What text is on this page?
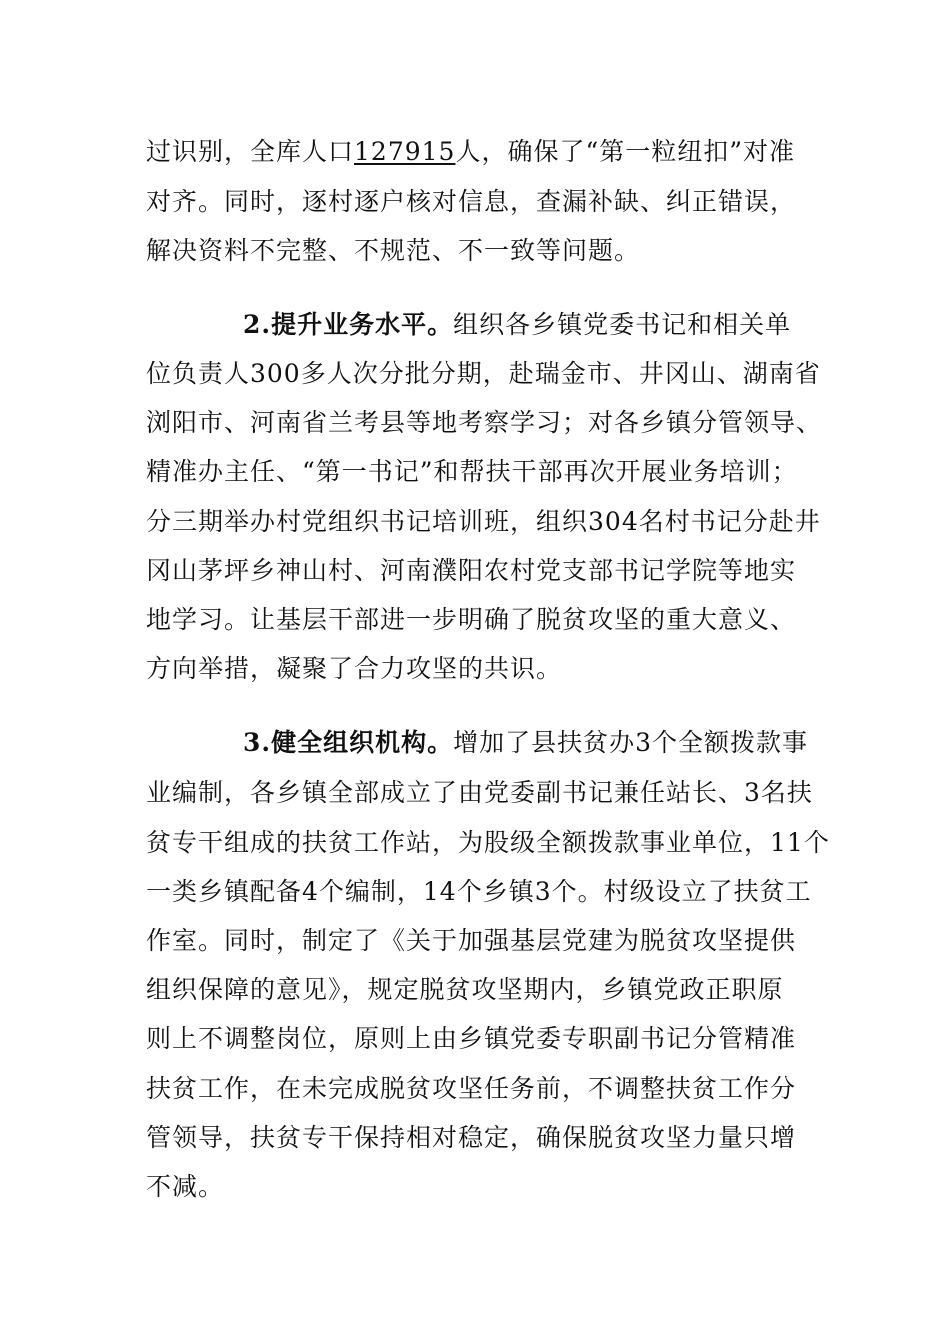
过识别，全库人口127915人，确保了“第一粒纽扣”对准

对齐。同时，逐村逐户核对信息，查漏补缺、纠正错误，

解决资料不完整、不规范、不一致等问题。

2.提升业务水平。组织各乡镇党委书记和相关单

位负责人300多人次分批分期，赴瑞金市、井冈山、湖南省

浏阳市、河南省兰考县等地考察学习；对各乡镇分管领导、

精准办主任、“第一书记”和帮扶干部再次开展业务培训；

分三期举办村党组织书记培训班，组织304名村书记分赴井

冈山茅坪乡神山村、河南濮阳农村党支部书记学院等地实

地学习。让基层干部进一步明确了脱贫攻坚的重大意义、

方向举措，凝聚了合力攻坚的共识。

3.健全组织机构。增加了县扶贫办3个全额拨款事

业编制，各乡镇全部成立了由党委副书记兼任站长、3名扶

贫专干组成的扶贫工作站，为股级全额拨款事业单位，11个

一类乡镇配备4个编制，14个乡镇3个。村级设立了扶贫工

作室。同时，制定了《关于加强基层党建为脱贫攻坚提供

组织保障的意见》，规定脱贫攻坚期内，乡镇党政正职原

则上不调整岗位，原则上由乡镇党委专职副书记分管精准

扶贫工作，在未完成脱贫攻坚任务前，不调整扶贫工作分

管领导，扶贫专干保持相对稳定，确保脱贫攻坚力量只增

不减。
